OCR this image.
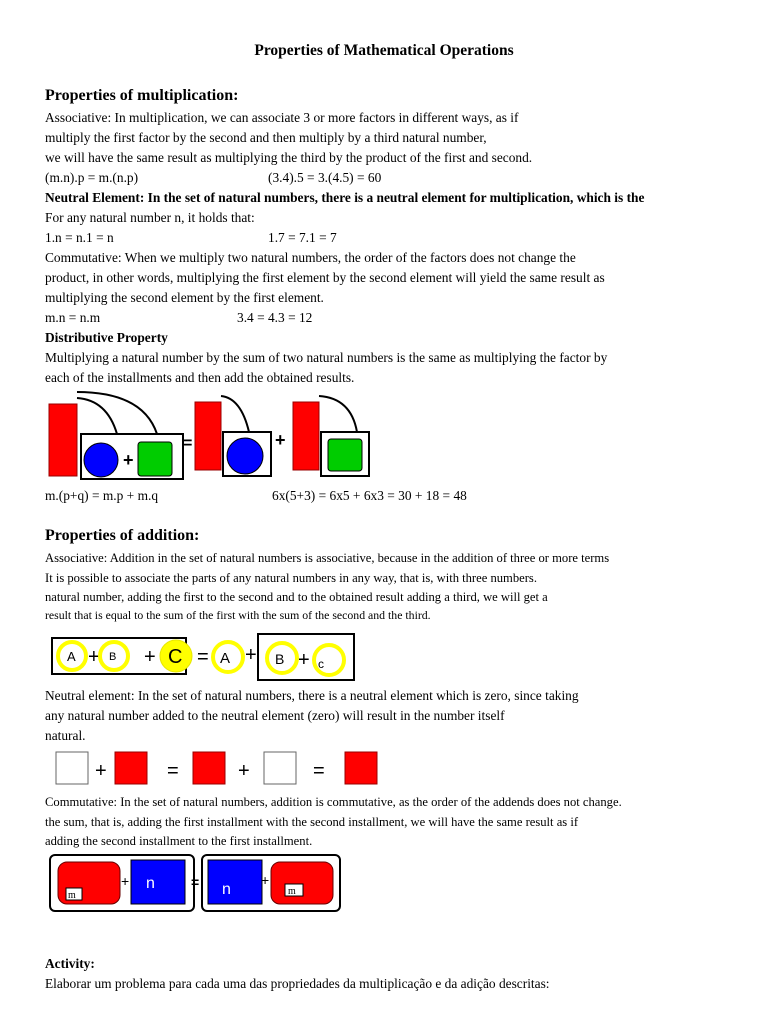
Properties of Mathematical Operations
Properties of multiplication:
Associative: In multiplication, we can associate 3 or more factors in different ways, as if
multiply the first factor by the second and then multiply by a third natural number,
we will have the same result as multiplying the third by the product of the first and second.
(m.n).p = m.(n.p)	(3.4).5 = 3.(4.5) = 60
Neutral Element: In the set of natural numbers, there is a neutral element for multiplication, which is the
For any natural number n, it holds that:
1.n = n.1 = n	1.7 = 7.1 = 7
Commutative: When we multiply two natural numbers, the order of the factors does not change the
product, in other words, multiplying the first element by the second element will yield the same result as
multiplying the second element by the first element.
m.n = n.m	3.4 = 4.3 = 12
Distributive Property
Multiplying a natural number by the sum of two natural numbers is the same as multiplying the factor by
each of the installments and then add the obtained results.
+
=	+
m.(p+q) = m.p + m.q	6x(5+3) = 6x5 + 6x3 = 30 + 18 = 48
Properties of addition:
Associative: Addition in the set of natural numbers is associative, because in the addition of three or more terms
It is possible to associate the parts of any natural numbers in any way, that is, with three numbers.
natural number, adding the first to the second and to the obtained result adding a third, we will get a
result that is equal to the sum of the first with the sum of the second and the third.
A + B + C = A + B + c
Neutral element: In the set of natural numbers, there is a neutral element which is zero, since taking
any natural number added to the neutral element (zero) will result in the number itself
natural.
+	=	+	=
Commutative: In the set of natural numbers, addition is commutative, as the order of the addends does not change.
the sum, that is, adding the first installment with the second installment, we will have the same result as if
adding the second installment to the first installment.
m
+ n	= n
+
m
Activity:
Elaborar um problema para cada uma das propriedades da multiplicação e da adição descritas:
